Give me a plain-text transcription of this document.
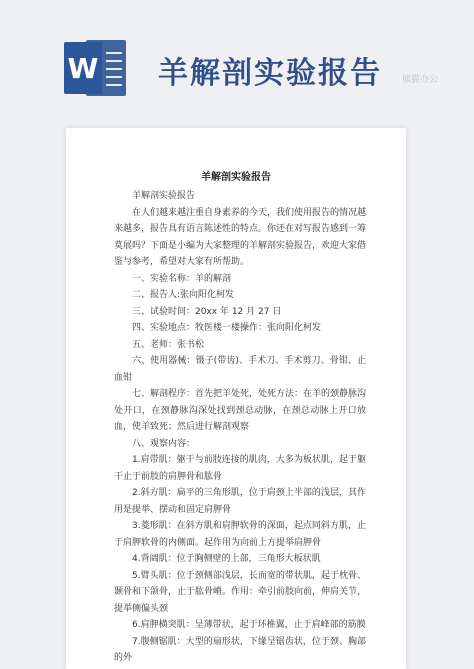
W 羊解剖实验报告 熊猫办公
羊解剖实验报告

羊解剖实验报告

在人们越来越注重自身素养的今天，我们使用报告的情况越来越多，报告具有语言陈述性的特点。你还在对写报告感到一筹莫展吗？下面是小编为大家整理的羊解剖实验报告，欢迎大家借鉴与参考，希望对大家有所帮助。

一、实验名称：羊的解剖

二、报告人:张向阳化柯发

三、试验时间：20xx 年 12 月 27 日

四、实验地点：牧医楼一楼操作：张向阳化柯发

五、老师：张书松

六、使用器械：镊子(带齿)、手术刀、手术剪刀、骨钳、止血钳

七、解剖程序：首先把羊处死，处死方法：在羊的颈静脉沟处开口，在颈静脉沟深处找到颈总动脉，在颈总动脉上开口放血，使羊致死；然后进行解剖观察

八、观察内容：

1.肩带肌：躯干与前肢连接的肌肉，大多为板状肌，起于躯干止于前肢的肩胛骨和肱骨

2.斜方肌：扁平的三角形肌，位于肩颈上半部的浅层，其作用是提举、摆动和固定肩胛骨

3.菱形肌：在斜方肌和肩胛软骨的深面，起点同斜方肌，止于肩胛软骨的内侧面。起作用为向前上方提举肩胛骨

4.背阔肌：位于胸侧壁的上部，三角形大板状肌

5.臂头肌：位于颈侧部浅层，长而宽的带状肌，起于枕骨、颞骨和下颌骨，止于肱骨嵴。作用：牵引前肢向前，伸肩关节，提举侧偏头颈

6.肩胛横突肌：呈薄带状，起于环椎翼，止于肩峰部的筋膜

7.腹侧锯肌：大型的扇形状，下缘呈锯齿状，位于颈、胸部的外
